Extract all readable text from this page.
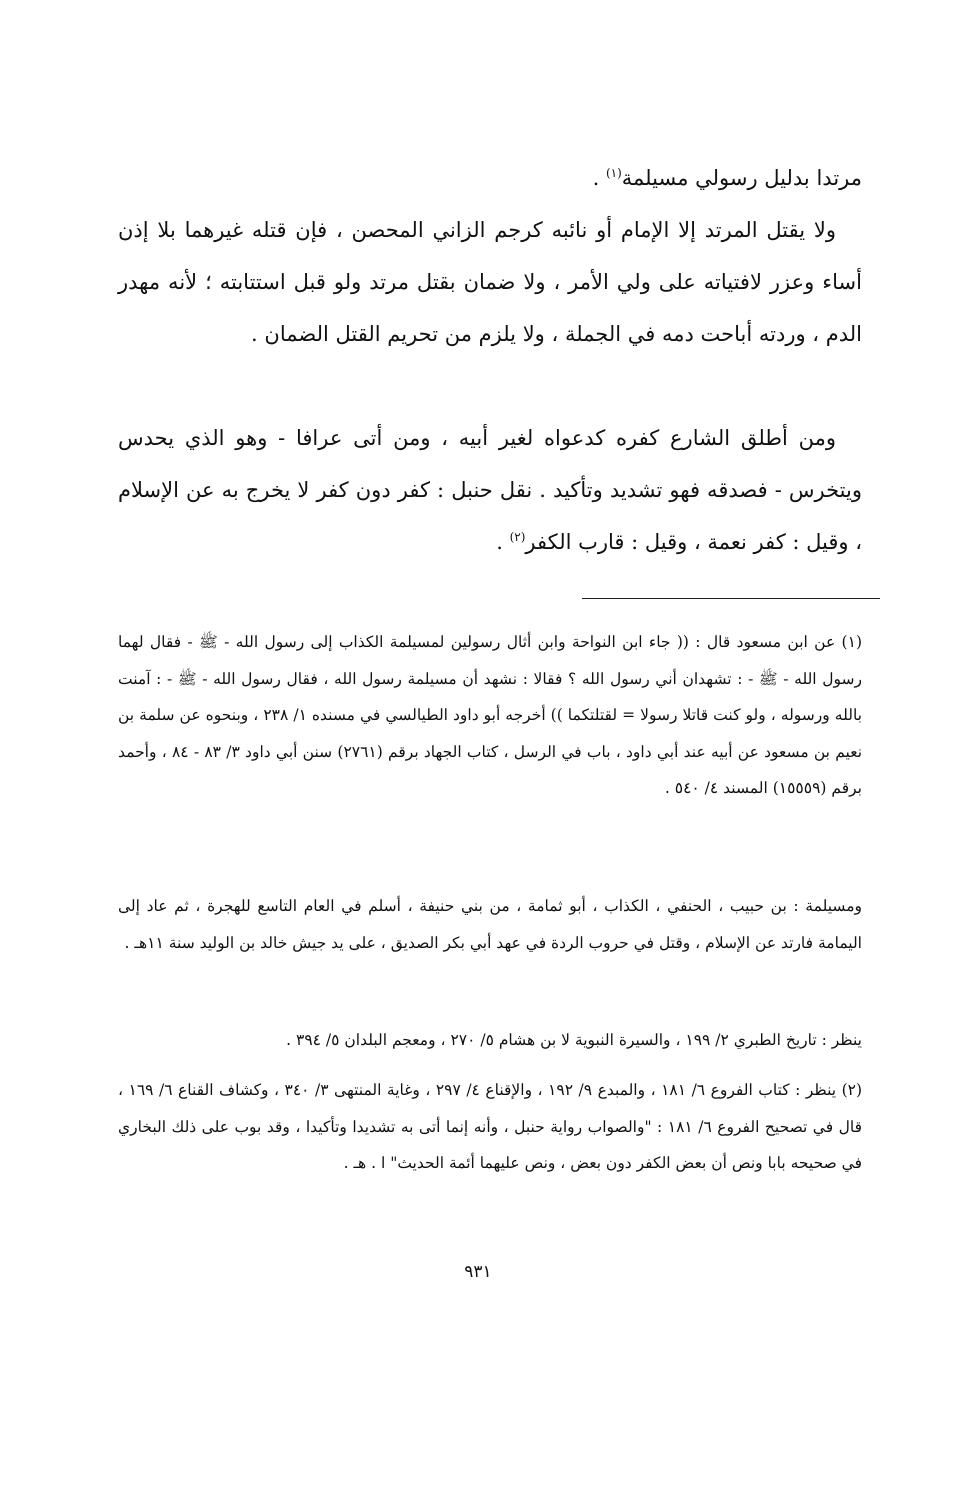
مرتدا بدليل رسولي مسيلمة$^{(١)}$ .

ولا يقتل المرتد إلا الإمام أو نائبه كرجم الزاني المحصن ، فإن قتله غيرهما بلا إذن أساء وعزر لافتياته على ولي الأمر ، ولا ضمان بقتل مرتد ولو قبل استتابته ؛ لأنه مهدر الدم ، وردته أباحت دمه في الجملة ، ولا يلزم من تحريم القتل الضمان .

ومن أطلق الشارع كفره كدعواه لغير أبيه ، ومن أتى عرافا - وهو الذي يحدس ويتخرس - فصدقه فهو تشديد وتأكيد . نقل حنبل : كفر دون كفر لا يخرج به عن الإسلام ، وقيل : كفر نعمة ، وقيل : قارب الكفر$^{(٢)}$ .

(١) عن ابن مسعود قال : (( جاء ابن النواحة وابن أثال رسولين لمسيلمة الكذاب إلى رسول الله - ﷺ - فقال لهما رسول الله - ﷺ - : تشهدان أني رسول الله ؟ فقالا : نشهد أن مسيلمة رسول الله ، فقال رسول الله - ﷺ - : آمنت بالله ورسوله ، ولو كنت قاتلا رسولا = لقتلتكما )) أخرجه أبو داود الطيالسي في مسنده ١/ ٢٣٨ ، وبنحوه عن سلمة بن نعيم بن مسعود عن أبيه عند أبي داود ، باب في الرسل ، كتاب الجهاد برقم (٢٧٦١) سنن أبي داود ٣/ ٨٣ - ٨٤ ، وأحمد برقم (١٥٥٥٩) المسند ٤/ ٥٤٠ .

ومسيلمة : بن حبيب ، الحنفي ، الكذاب ، أبو ثمامة ، من بني حنيفة ، أسلم في العام التاسع للهجرة ، ثم عاد إلى اليمامة فارتد عن الإسلام ، وقتل في حروب الردة في عهد أبي بكر الصديق ، على يد جيش خالد بن الوليد سنة ١١هـ .

ينظر : تاريخ الطبري ٢/ ١٩٩ ، والسيرة النبوية لا بن هشام ٥/ ٢٧٠ ، ومعجم البلدان ٥/ ٣٩٤ .

(٢) ينظر : كتاب الفروع ٦/ ١٨١ ، والمبدع ٩/ ١٩٢ ، والإقناع ٤/ ٢٩٧ ، وغاية المنتهى ٣/ ٣٤٠ ، وكشاف القناع ٦/ ١٦٩ ، قال في تصحيح الفروع ٦/ ١٨١ : "والصواب رواية حنبل ، وأنه إنما أتى به تشديدا وتأكيدا ، وقد بوب على ذلك البخاري في صحيحه بابا ونص أن بعض الكفر دون بعض ، ونص عليهما أئمة الحديث" ا . هـ .

٩٣١
